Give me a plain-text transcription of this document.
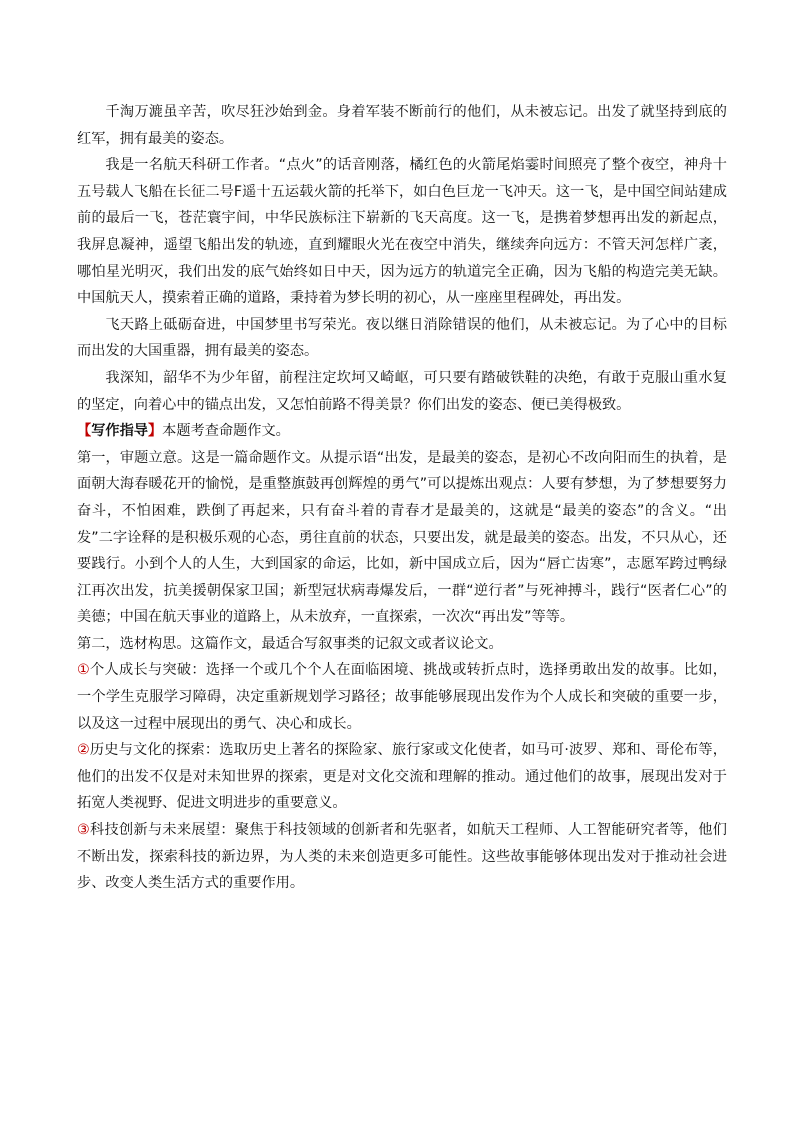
千淘万漉虽辛苦，吹尽狂沙始到金。身着军装不断前行的他们，从未被忘记。出发了就坚持到底的红军，拥有最美的姿态。

我是一名航天科研工作者。“点火”的话音刚落，橘红色的火箭尾焰霎时间照亮了整个夜空，神舟十五号载人飞船在长征二号F遥十五运载火箭的托举下，如白色巨龙一飞冲天。这一飞，是中国空间站建成前的最后一飞，苍茫寰宇间，中华民族标注下崭新的飞天高度。这一飞，是携着梦想再出发的新起点，我屏息凝神，遥望飞船出发的轨迹，直到耀眼火光在夜空中消失，继续奔向远方：不管天河怎样广袤，哪怕星光明灭，我们出发的底气始终如日中天，因为远方的轨道完全正确，因为飞船的构造完美无缺。中国航天人，摸索着正确的道路，秉持着为梦长明的初心，从一座座里程碑处，再出发。

飞天路上砥砺奋进，中国梦里书写荣光。夜以继日消除错误的他们，从未被忘记。为了心中的目标而出发的大国重器，拥有最美的姿态。

我深知，韶华不为少年留，前程注定坎坷又崎岖，可只要有踏破铁鞋的决绝，有敢于克服山重水复的坚定，向着心中的锚点出发，又怎怕前路不得美景？你们出发的姿态、便已美得极致。

【写作指导】本题考查命题作文。

第一，审题立意。这是一篇命题作文。从提示语“出发，是最美的姿态，是初心不改向阳而生的执着，是面朝大海春暖花开的愉悦，是重整旗鼓再创辉煌的勇气”可以提炼出观点：人要有梦想，为了梦想要努力奋斗，不怕困难，跌倒了再起来，只有奋斗着的青春才是最美的，这就是“最美的姿态”的含义。“出发”二字诠释的是积极乐观的心态，勇往直前的状态，只要出发，就是最美的姿态。出发，不只从心，还要践行。小到个人的人生，大到国家的命运，比如，新中国成立后，因为“唇亡齿寒”，志愿军跨过鸭绿江再次出发，抗美援朝保家卫国；新型冠状病毒爆发后，一群“逆行者”与死神搏斗，践行“医者仁心”的美德；中国在航天事业的道路上，从未放弃，一直探索，一次次“再出发”等等。

第二，选材构思。这篇作文，最适合写叙事类的记叙文或者议论文。

①个人成长与突破：选择一个或几个个人在面临困境、挑战或转折点时，选择勇敢出发的故事。比如，一个学生克服学习障碍，决定重新规划学习路径；故事能够展现出发作为个人成长和突破的重要一步，以及这一过程中展现出的勇气、决心和成长。

②历史与文化的探索：选取历史上著名的探险家、旅行家或文化使者，如马可·波罗、郑和、哥伦布等，他们的出发不仅是对未知世界的探索，更是对文化交流和理解的推动。通过他们的故事，展现出发对于拓宽人类视野、促进文明进步的重要意义。

③科技创新与未来展望：聚焦于科技领域的创新者和先驱者，如航天工程师、人工智能研究者等，他们不断出发，探索科技的新边界，为人类的未来创造更多可能性。这些故事能够体现出发对于推动社会进步、改变人类生活方式的重要作用。
